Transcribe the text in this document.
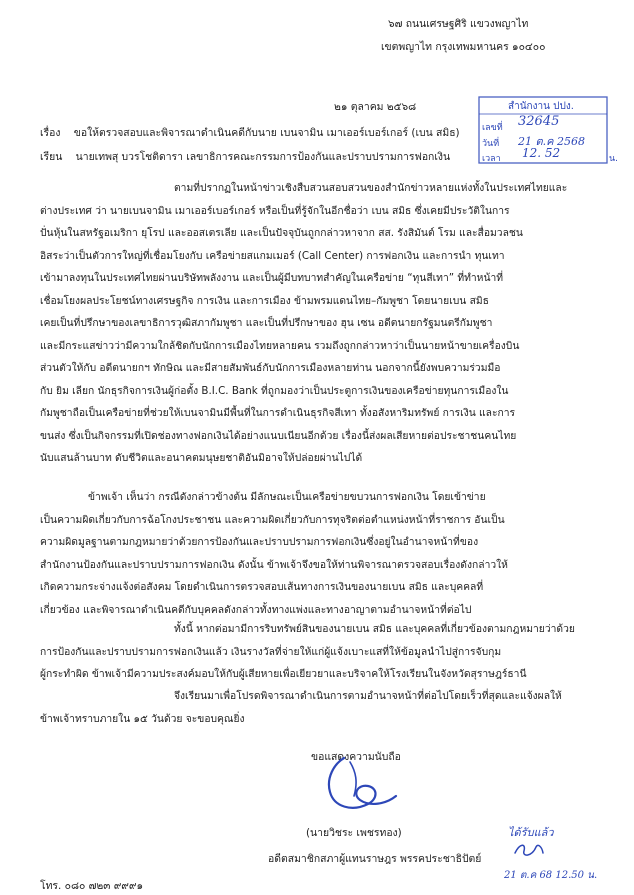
๖๗ ถนนเศรษฐศิริ แขวงพญาไท
เขตพญาไท กรุงเทพมหานคร ๑๐๔๐๐
๒๑ ตุลาคม ๒๕๖๘
เรื่อง ขอให้ตรวจสอบและพิจารณาดำเนินคดีกับนาย เบนจามิน เมาเออร์เบอร์เกอร์ (เบน สมิธ)
เรียน นายเทพสุ บวรโชติดารา เลขาธิการคณะกรรมการป้องกันและปราบปรามการฟอกเงิน
สำนักงาน ปปง.
เลขที่ 32645
วันที่ 21 ต.ค 2568
เวลา 12. 52	น.
ตามที่ปรากฏในหน้าข่าวเชิงสืบสวนสอบสวนของสำนักข่าวหลายแห่งทั้งในประเทศไทยและ
ต่างประเทศ ว่า นายเบนจามิน เมาเออร์เบอร์เกอร์ หรือเป็นที่รู้จักในอีกชื่อว่า เบน สมิธ ซึ่งเคยมีประวัติในการ
ปั่นหุ้นในสหรัฐอเมริกา ยุโรป และออสเตรเลีย และเป็นปัจจุบันถูกกล่าวหาจาก สส. รังสิมันต์ โรม และสื่อมวลชน
อิสระว่าเป็นตัวการใหญ่ที่เชื่อมโยงกับ เครือข่ายสแกมเมอร์ (Call Center) การฟอกเงิน และการนำ ทุนเทา
เข้ามาลงทุนในประเทศไทยผ่านบริษัทพลังงาน และเป็นผู้มีบทบาทสำคัญในเครือข่าย “ทุนสีเทา” ที่ทำหน้าที่
เชื่อมโยงผลประโยชน์ทางเศรษฐกิจ การเงิน และการเมือง ข้ามพรมแดนไทย–กัมพูชา โดยนายเบน สมิธ
เคยเป็นที่ปรึกษาของเลขาธิการวุฒิสภากัมพูชา และเป็นที่ปรึกษาของ ฮุน เซน อดีตนายกรัฐมนตรีกัมพูชา
และมีกระแสข่าวว่ามีความใกล้ชิดกับนักการเมืองไทยหลายคน รวมถึงถูกกล่าวหาว่าเป็นนายหน้าขายเครื่องบิน
ส่วนตัวให้กับ อดีตนายกฯ ทักษิณ และมีสายสัมพันธ์กับนักการเมืองหลายท่าน นอกจากนี้ยังพบความร่วมมือ
กับ ยิม เลียก นักธุรกิจการเงินผู้ก่อตั้ง B.I.C. Bank ที่ถูกมองว่าเป็นประตูการเงินของเครือข่ายทุนการเมืองใน
กัมพูชาถือเป็นเครือข่ายที่ช่วยให้เบนจามินมีพื้นที่ในการดำเนินธุรกิจสีเทา ทั้งอสังหาริมทรัพย์ การเงิน และการ
ขนส่ง ซึ่งเป็นกิจกรรมที่เปิดช่องทางฟอกเงินได้อย่างแนบเนียนอีกด้วย เรื่องนี้ส่งผลเสียหายต่อประชาชนคนไทย
นับแสนล้านบาท ดับชีวิตและอนาคตมนุษยชาติอันมิอาจให้ปล่อยผ่านไปได้
ข้าพเจ้า เห็นว่า กรณีดังกล่าวข้างต้น มีลักษณะเป็นเครือข่ายขบวนการฟอกเงิน โดยเข้าข่าย
เป็นความผิดเกี่ยวกับการฉ้อโกงประชาชน และความผิดเกี่ยวกับการทุจริตต่อตำแหน่งหน้าที่ราชการ อันเป็น
ความผิดมูลฐานตามกฎหมายว่าด้วยการป้องกันและปราบปรามการฟอกเงินซึ่งอยู่ในอำนาจหน้าที่ของ
สำนักงานป้องกันและปราบปรามการฟอกเงิน ดังนั้น ข้าพเจ้าจึงขอให้ท่านพิจารณาตรวจสอบเรื่องดังกล่าวให้
เกิดความกระจ่างแจ้งต่อสังคม โดยดำเนินการตรวจสอบเส้นทางการเงินของนายเบน สมิธ และบุคคลที่
เกี่ยวข้อง และพิจารณาดำเนินคดีกับบุคคลดังกล่าวทั้งทางแพ่งและทางอาญาตามอำนาจหน้าที่ต่อไป
ทั้งนี้ หากต่อมามีการริบทรัพย์สินของนายเบน สมิธ และบุคคลที่เกี่ยวข้องตามกฎหมายว่าด้วย
การป้องกันและปราบปรามการฟอกเงินแล้ว เงินรางวัลที่จ่ายให้แก่ผู้แจ้งเบาะแสที่ให้ข้อมูลนำไปสู่การจับกุม
ผู้กระทำผิด ข้าพเจ้ามีความประสงค์มอบให้กับผู้เสียหายเพื่อเยียวยาและบริจาคให้โรงเรียนในจังหวัดสุราษฎร์ธานี
จึงเรียนมาเพื่อโปรดพิจารณาดำเนินการตามอำนาจหน้าที่ต่อไปโดยเร็วที่สุดและแจ้งผลให้
ข้าพเจ้าทราบภายใน ๑๕ วันด้วย จะขอบคุณยิ่ง
ขอแสดงความนับถือ
(นายวิชระ เพชรทอง)
อดีตสมาชิกสภาผู้แทนราษฎร พรรคประชาธิปัตย์
โทร. ๐๘๐ ๗๒๓ ๙๙๙๑
ได้รับแล้ว
21 ต.ค 68 12.50 น.
